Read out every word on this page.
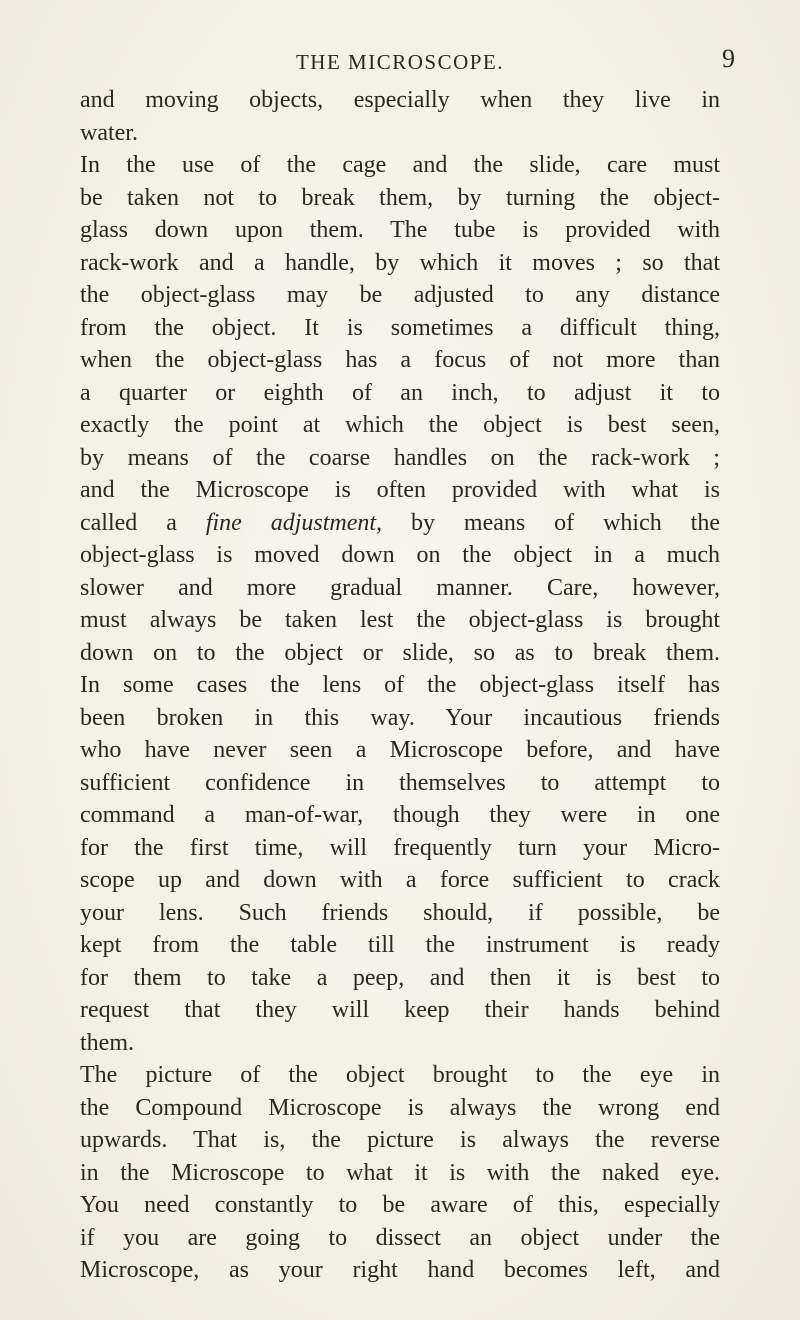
THE MICROSCOPE.	9
and moving objects, especially when they live in
water.
In the use of the cage and the slide, care must
be taken not to break them, by turning the object-
glass down upon them. The tube is provided with
rack-work and a handle, by which it moves ; so that
the object-glass may be adjusted to any distance
from the object. It is sometimes a difficult thing,
when the object-glass has a focus of not more than
a quarter or eighth of an inch, to adjust it to
exactly the point at which the object is best seen,
by means of the coarse handles on the rack-work ;
and the Microscope is often provided with what is
called a fine adjustment, by means of which the
object-glass is moved down on the object in a much
slower and more gradual manner. Care, however,
must always be taken lest the object-glass is brought
down on to the object or slide, so as to break them.
In some cases the lens of the object-glass itself has
been broken in this way. Your incautious friends
who have never seen a Microscope before, and have
sufficient confidence in themselves to attempt to
command a man-of-war, though they were in one
for the first time, will frequently turn your Micro-
scope up and down with a force sufficient to crack
your lens. Such friends should, if possible, be
kept from the table till the instrument is ready
for them to take a peep, and then it is best to
request that they will keep their hands behind
them.
The picture of the object brought to the eye in
the Compound Microscope is always the wrong end
upwards. That is, the picture is always the reverse
in the Microscope to what it is with the naked eye.
You need constantly to be aware of this, especially
if you are going to dissect an object under the
Microscope, as your right hand becomes left, and
